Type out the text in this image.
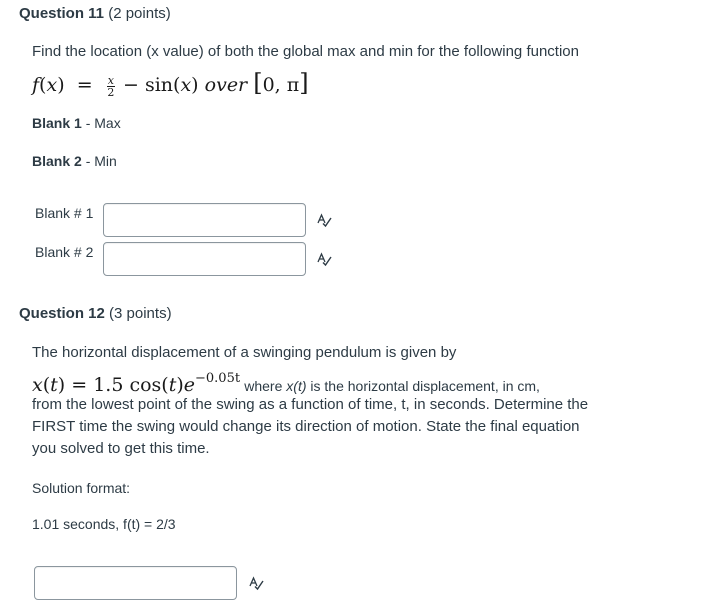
Question 11 (2 points)
Find the location (x value) of both the global max and min for the following function
$f(x) = \frac{x}{2} - \sin(x)$ over [0, π]
Blank 1 - Max
Blank 2 - Min
Blank # 1
Blank # 2
Question 12 (3 points)
The horizontal displacement of a swinging pendulum is given by
x(t) = 1.5 $\cos(t)e^{-0.05t}$ where x(t) is the horizontal displacement, in cm,
from the lowest point of the swing as a function of time, t, in seconds. Determine the
FIRST time the swing would change its direction of motion. State the final equation
you solved to get this time.
Solution format:
1.01 seconds, f(t) = 2/3
